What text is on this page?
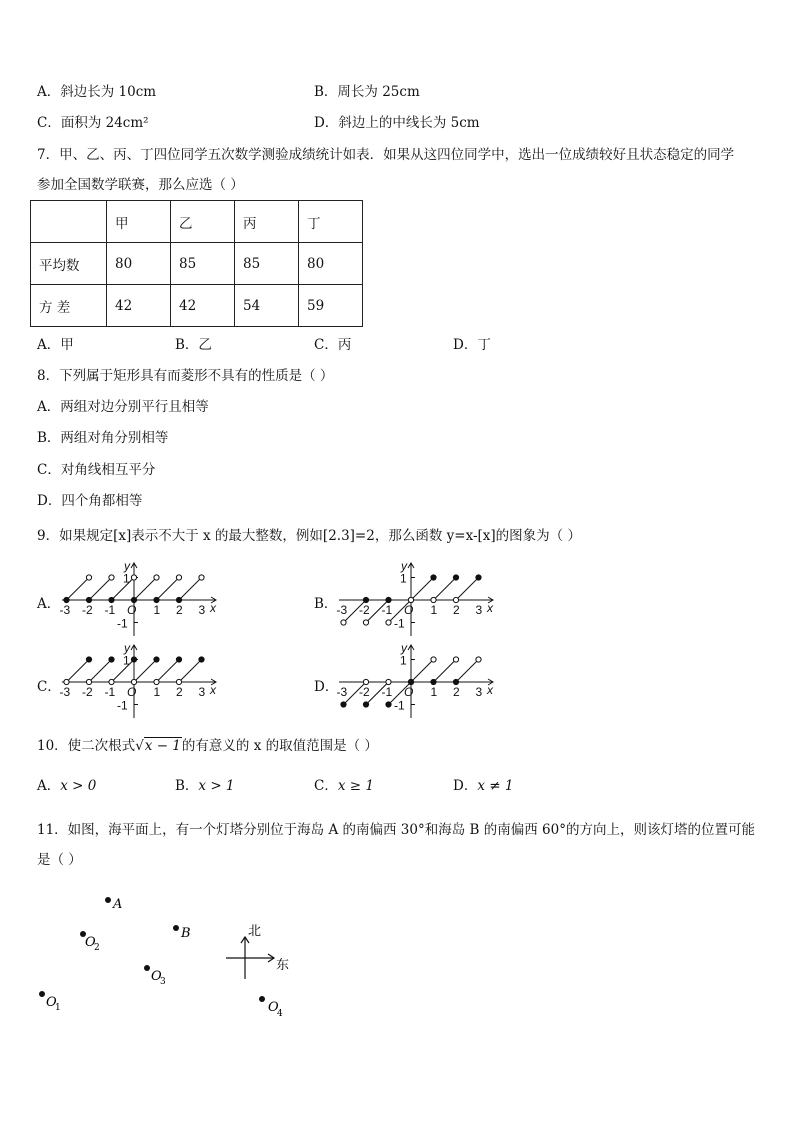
A．斜边长为 10cm	B．周长为 25cm
C．面积为 24cm²	D．斜边上的中线长为 5cm
7．甲、乙、丙、丁四位同学五次数学测验成绩统计如表．如果从这四位同学中，选出一位成绩较好且状态稳定的同学
参加全国数学联赛，那么应选（ ）
	甲	乙	丙	丁
平均数	80	85	85	80
方 差	42	42	54	59
A．甲	B．乙	C．丙	D．丁
8．下列属于矩形具有而菱形不具有的性质是（ ）
A．两组对边分别平行且相等
B．两组对角分别相等
C．对角线相互平分
D．四个角都相等
9．如果规定[x]表示不大于 x 的最大整数，例如[2.3]=2，那么函数 y=x-[x]的图象为（ ）
A．	B．
C．	D．
-3 -2 -1 O 1 2 3 x
y
1
-1
-3 -2 -1 O 1 2 3 x
y
1
-1
-3 -2 -1 O 1 2 3 x
y
1
-1
-3 -2 -1 O 1 2 3 x
y
1
-1
10．使二次根式√x − 1的有意义的 x 的取值范围是（ ）
A．x > 0	B．x > 1	C．x ≥ 1	D．x ≠ 1
11．如图，海平面上，有一个灯塔分别位于海岛 A 的南偏西 30°和海岛 B 的南偏西 60°的方向上，则该灯塔的位置可能
是（ ）
A
B
O
2
O
3
O
1	O
4
北
东
